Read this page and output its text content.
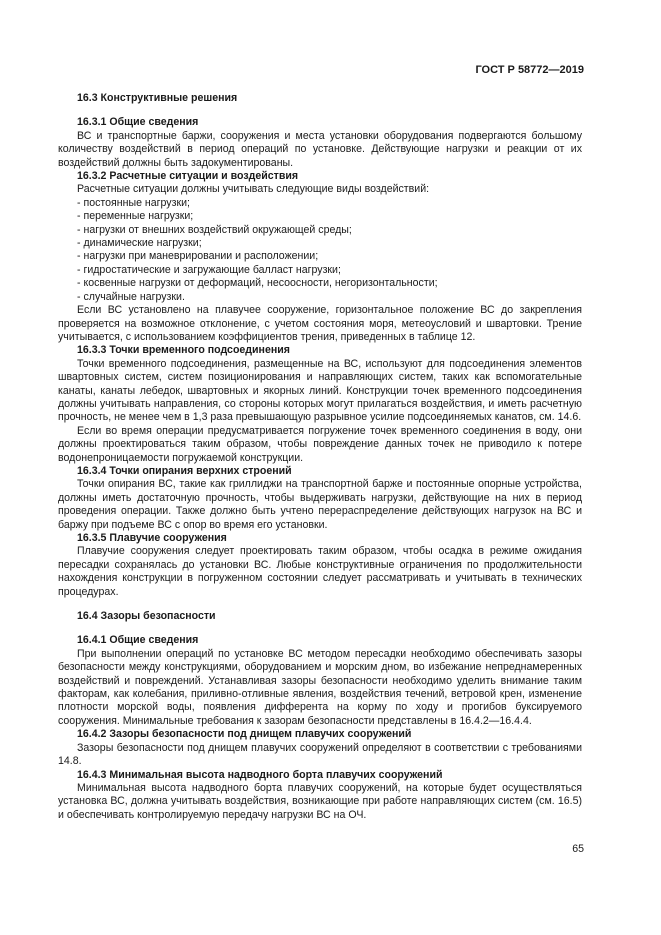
ГОСТ Р 58772—2019

16.3 Конструктивные решения

16.3.1 Общие сведения

ВС и транспортные баржи, сооружения и места установки оборудования подвергаются большому количеству воздействий в период операций по установке. Действующие нагрузки и реакции от их воздействий должны быть задокументированы.

16.3.2 Расчетные ситуации и воздействия

Расчетные ситуации должны учитывать следующие виды воздействий:

- постоянные нагрузки;

- переменные нагрузки;

- нагрузки от внешних воздействий окружающей среды;

- динамические нагрузки;

- нагрузки при маневрировании и расположении;

- гидростатические и загружающие балласт нагрузки;

- косвенные нагрузки от деформаций, несоосности, негоризонтальности;

- случайные нагрузки.

Если ВС установлено на плавучее сооружение, горизонтальное положение ВС до закрепления проверяется на возможное отклонение, с учетом состояния моря, метеоусловий и швартовки. Трение учитывается, с использованием коэффициентов трения, приведенных в таблице 12.

16.3.3 Точки временного подсоединения

Точки временного подсоединения, размещенные на ВС, используют для подсоединения элементов швартовных систем, систем позиционирования и направляющих систем, таких как вспомогательные канаты, канаты лебедок, швартовных и якорных линий. Конструкции точек временного подсоединения должны учитывать направления, со стороны которых могут прилагаться воздействия, и иметь расчетную прочность, не менее чем в 1,3 раза превышающую разрывное усилие подсоединяемых канатов, см. 14.6.

Если во время операции предусматривается погружение точек временного соединения в воду, они должны проектироваться таким образом, чтобы повреждение данных точек не приводило к потере водонепроницаемости погружаемой конструкции.

16.3.4 Точки опирания верхних строений

Точки опирания ВС, такие как гриллиджи на транспортной барже и постоянные опорные устройства, должны иметь достаточную прочность, чтобы выдерживать нагрузки, действующие на них в период проведения операции. Также должно быть учтено перераспределение действующих нагрузок на ВС и баржу при подъеме ВС с опор во время его установки.

16.3.5 Плавучие сооружения

Плавучие сооружения следует проектировать таким образом, чтобы осадка в режиме ожидания пересадки сохранялась до установки ВС. Любые конструктивные ограничения по продолжительности нахождения конструкции в погруженном состоянии следует рассматривать и учитывать в технических процедурах.

16.4 Зазоры безопасности

16.4.1 Общие сведения

При выполнении операций по установке ВС методом пересадки необходимо обеспечивать зазоры безопасности между конструкциями, оборудованием и морским дном, во избежание непреднамеренных воздействий и повреждений. Устанавливая зазоры безопасности необходимо уделить внимание таким факторам, как колебания, приливно-отливные явления, воздействия течений, ветровой крен, изменение плотности морской воды, появления дифферента на корму по ходу и прогибов буксируемого сооружения. Минимальные требования к зазорам безопасности представлены в 16.4.2—16.4.4.

16.4.2 Зазоры безопасности под днищем плавучих сооружений

Зазоры безопасности под днищем плавучих сооружений определяют в соответствии с требованиями 14.8.

16.4.3 Минимальная высота надводного борта плавучих сооружений

Минимальная высота надводного борта плавучих сооружений, на которые будет осуществляться установка ВС, должна учитывать воздействия, возникающие при работе направляющих систем (см. 16.5) и обеспечивать контролируемую передачу нагрузки ВС на ОЧ.

65
